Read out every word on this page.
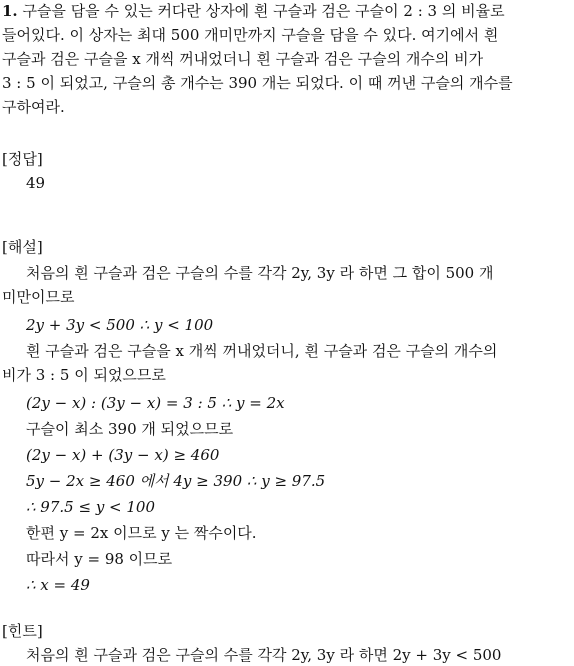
1. 구슬을 담을 수 있는 커다란 상자에 흰 구슬과 검은 구슬이 2 : 3 의 비율로
들어있다. 이 상자는 최대 500 개미만까지 구슬을 담을 수 있다. 여기에서 흰
구슬과 검은 구슬을 x 개씩 꺼내었더니 흰 구슬과 검은 구슬의 개수의 비가
3 : 5 이 되었고, 구슬의 총 개수는 390 개는 되었다. 이 때 꺼낸 구슬의 개수를
구하여라.
[정답]
49
[해설]
처음의 흰 구슬과 검은 구슬의 수를 각각 2y, 3y 라 하면 그 합이 500 개
미만이므로
2y + 3y < 500 ∴ y < 100
흰 구슬과 검은 구슬을 x 개씩 꺼내었더니, 흰 구슬과 검은 구슬의 개수의
비가 3 : 5 이 되었으므로
(2y − x) : (3y − x) = 3 : 5 ∴ y = 2x
구슬이 최소 390 개 되었으므로
(2y − x) + (3y − x) ≥ 460
5y − 2x ≥ 460 에서 4y ≥ 390 ∴ y ≥ 97.5
∴ 97.5 ≤ y < 100
한편 y = 2x 이므로 y 는 짝수이다.
따라서 y = 98 이므로
∴ x = 49
[힌트]
처음의 흰 구슬과 검은 구슬의 수를 각각 2y, 3y 라 하면 2y + 3y < 500
